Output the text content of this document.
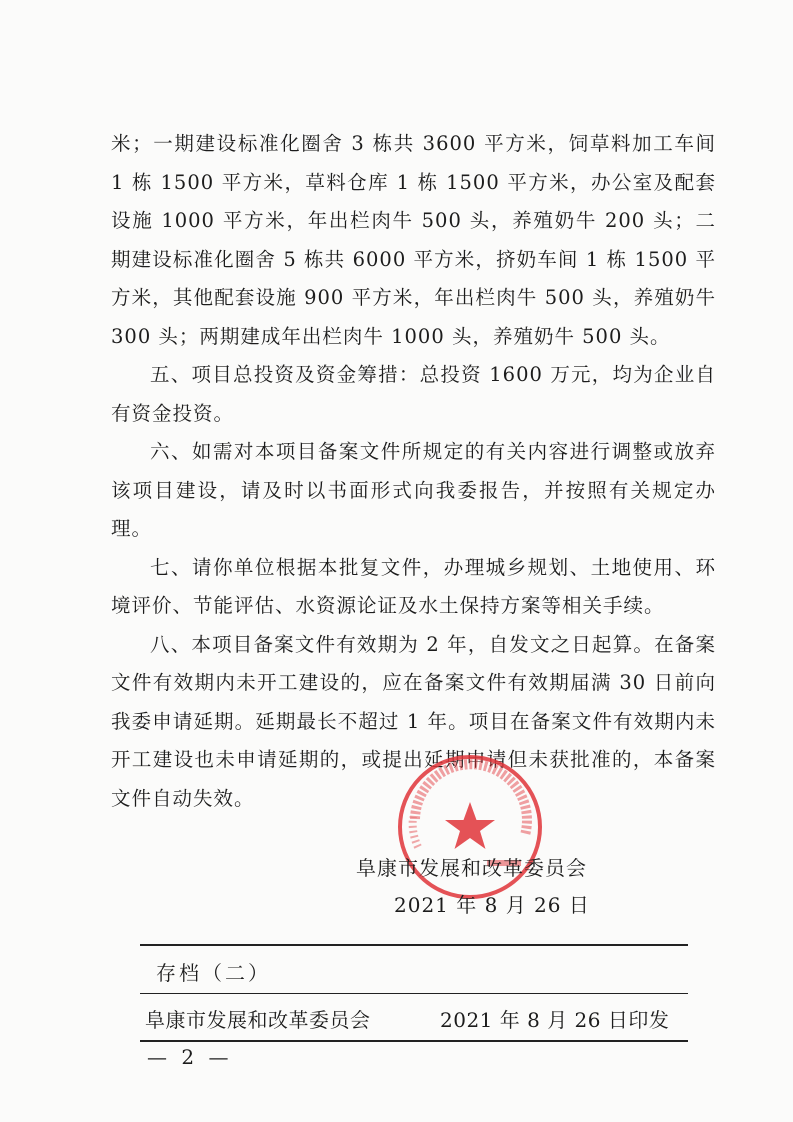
米；一期建设标准化圈舍 3 栋共 3600 平方米，饲草料加工车间 1 栋 1500 平方米，草料仓库 1 栋 1500 平方米，办公室及配套设施 1000 平方米，年出栏肉牛 500 头，养殖奶牛 200 头；二期建设标准化圈舍 5 栋共 6000 平方米，挤奶车间 1 栋 1500 平方米，其他配套设施 900 平方米，年出栏肉牛 500 头，养殖奶牛 300 头；两期建成年出栏肉牛 1000 头，养殖奶牛 500 头。

五、项目总投资及资金筹措：总投资 1600 万元，均为企业自有资金投资。

六、如需对本项目备案文件所规定的有关内容进行调整或放弃该项目建设，请及时以书面形式向我委报告，并按照有关规定办理。

七、请你单位根据本批复文件，办理城乡规划、土地使用、环境评价、节能评估、水资源论证及水土保持方案等相关手续。

八、本项目备案文件有效期为 2 年，自发文之日起算。在备案文件有效期内未开工建设的，应在备案文件有效期届满 30 日前向我委申请延期。延期最长不超过 1 年。项目在备案文件有效期内未开工建设也未申请延期的，或提出延期申请但未获批准的，本备案文件自动失效。

阜康市发展和改革委员会
2021 年 8 月 26 日
存档（二）
阜康市发展和改革委员会	2021 年 8 月 26 日印发
— 2 —
